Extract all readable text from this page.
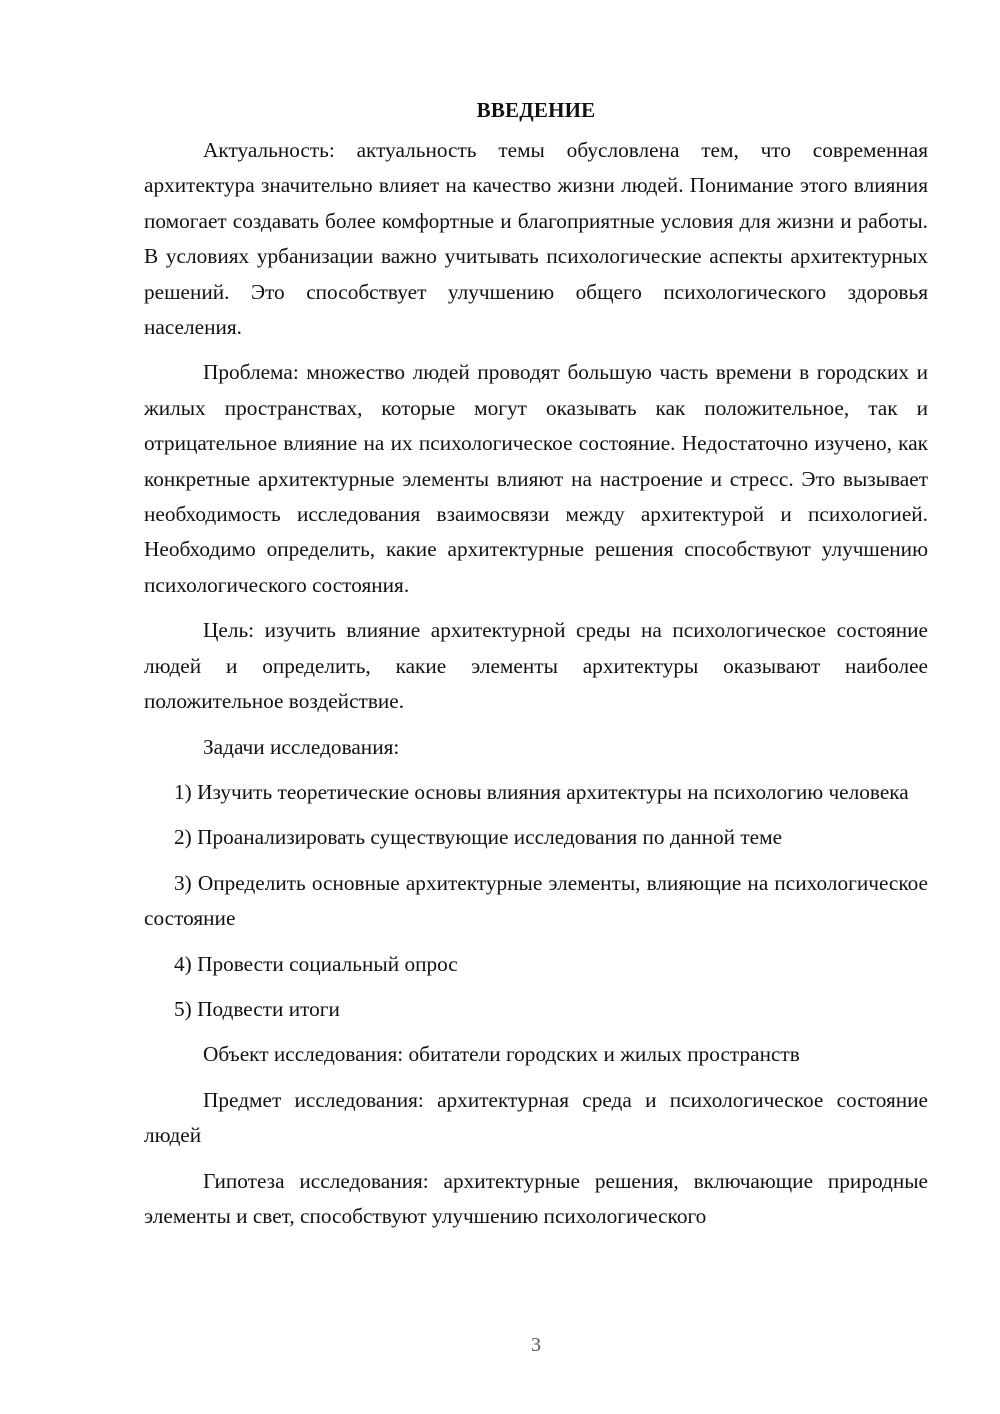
ВВЕДЕНИЕ

Актуальность: актуальность темы обусловлена тем, что современная архитектура значительно влияет на качество жизни людей. Понимание этого влияния помогает создавать более комфортные и благоприятные условия для жизни и работы. В условиях урбанизации важно учитывать психологические аспекты архитектурных решений. Это способствует улучшению общего психологического здоровья населения.

Проблема: множество людей проводят большую часть времени в городских и жилых пространствах, которые могут оказывать как положительное, так и отрицательное влияние на их психологическое состояние. Недостаточно изучено, как конкретные архитектурные элементы влияют на настроение и стресс. Это вызывает необходимость исследования взаимосвязи между архитектурой и психологией. Необходимо определить, какие архитектурные решения способствуют улучшению психологического состояния.

Цель: изучить влияние архитектурной среды на психологическое состояние людей и определить, какие элементы архитектуры оказывают наиболее положительное воздействие.

Задачи исследования:

1) Изучить теоретические основы влияния архитектуры на психологию человека

2) Проанализировать существующие исследования по данной теме

3) Определить основные архитектурные элементы, влияющие на психологическое состояние

4) Провести социальный опрос

5) Подвести итоги

Объект исследования: обитатели городских и жилых пространств

Предмет исследования: архитектурная среда и психологическое состояние людей

Гипотеза исследования: архитектурные решения, включающие природные элементы и свет, способствуют улучшению психологического

3
